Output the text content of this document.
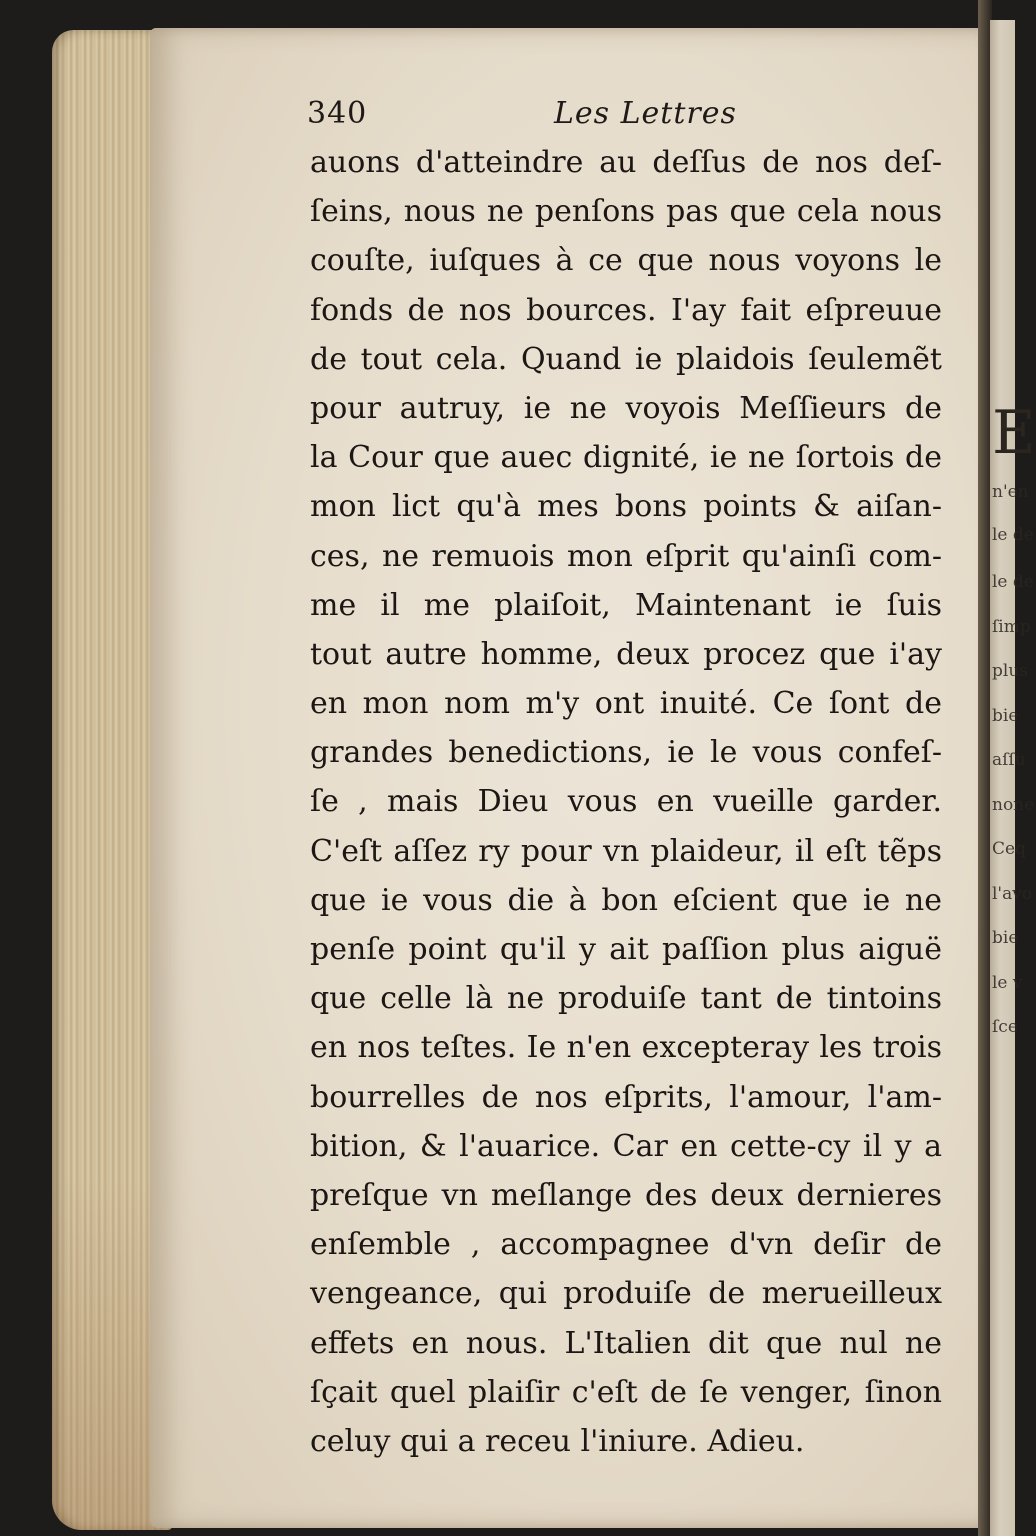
340	Les Lettres
auons d'atteindre au deſſus de nos deſ-
ſeins, nous ne penſons pas que cela nous
couſte, iuſques à ce que nous voyons le
fonds de nos bources. I'ay fait eſpreuue
de tout cela. Quand ie plaidois ſeulemẽt
pour autruy, ie ne voyois Meſſieurs de
la Cour que auec dignité, ie ne ſortois de
mon lict qu'à mes bons points & aiſan-
ces, ne remuois mon eſprit qu'ainſi com-
me il me plaiſoit, Maintenant ie ſuis
tout autre homme, deux procez que i'ay
en mon nom m'y ont inuité. Ce ſont de
grandes benedictions, ie le vous confeſ-
ſe , mais Dieu vous en vueille garder.
C'eſt aſſez ry pour vn plaideur, il eſt tẽps
que ie vous die à bon eſcient que ie ne
penſe point qu'il y ait paſſion plus aiguë
que celle là ne produiſe tant de tintoins
en nos teſtes. Ie n'en excepteray les trois
bourrelles de nos eſprits, l'amour, l'am-
bition, & l'auarice. Car en cette-cy il y a
preſque vn meſlange des deux dernieres
enſemble , accompagnee d'vn deſir de
vengeance, qui produiſe de merueilleux
effets en nous. L'Italien dit que nul ne
ſçait quel plaiſir c'eſt de ſe venger, ſinon
celuy qui a receu l'iniure. Adieu.
E
n'en
le de
le de
ſimp
plus
bie
aſſu
none
Ceq
l'avo
bie
le v
ſce
